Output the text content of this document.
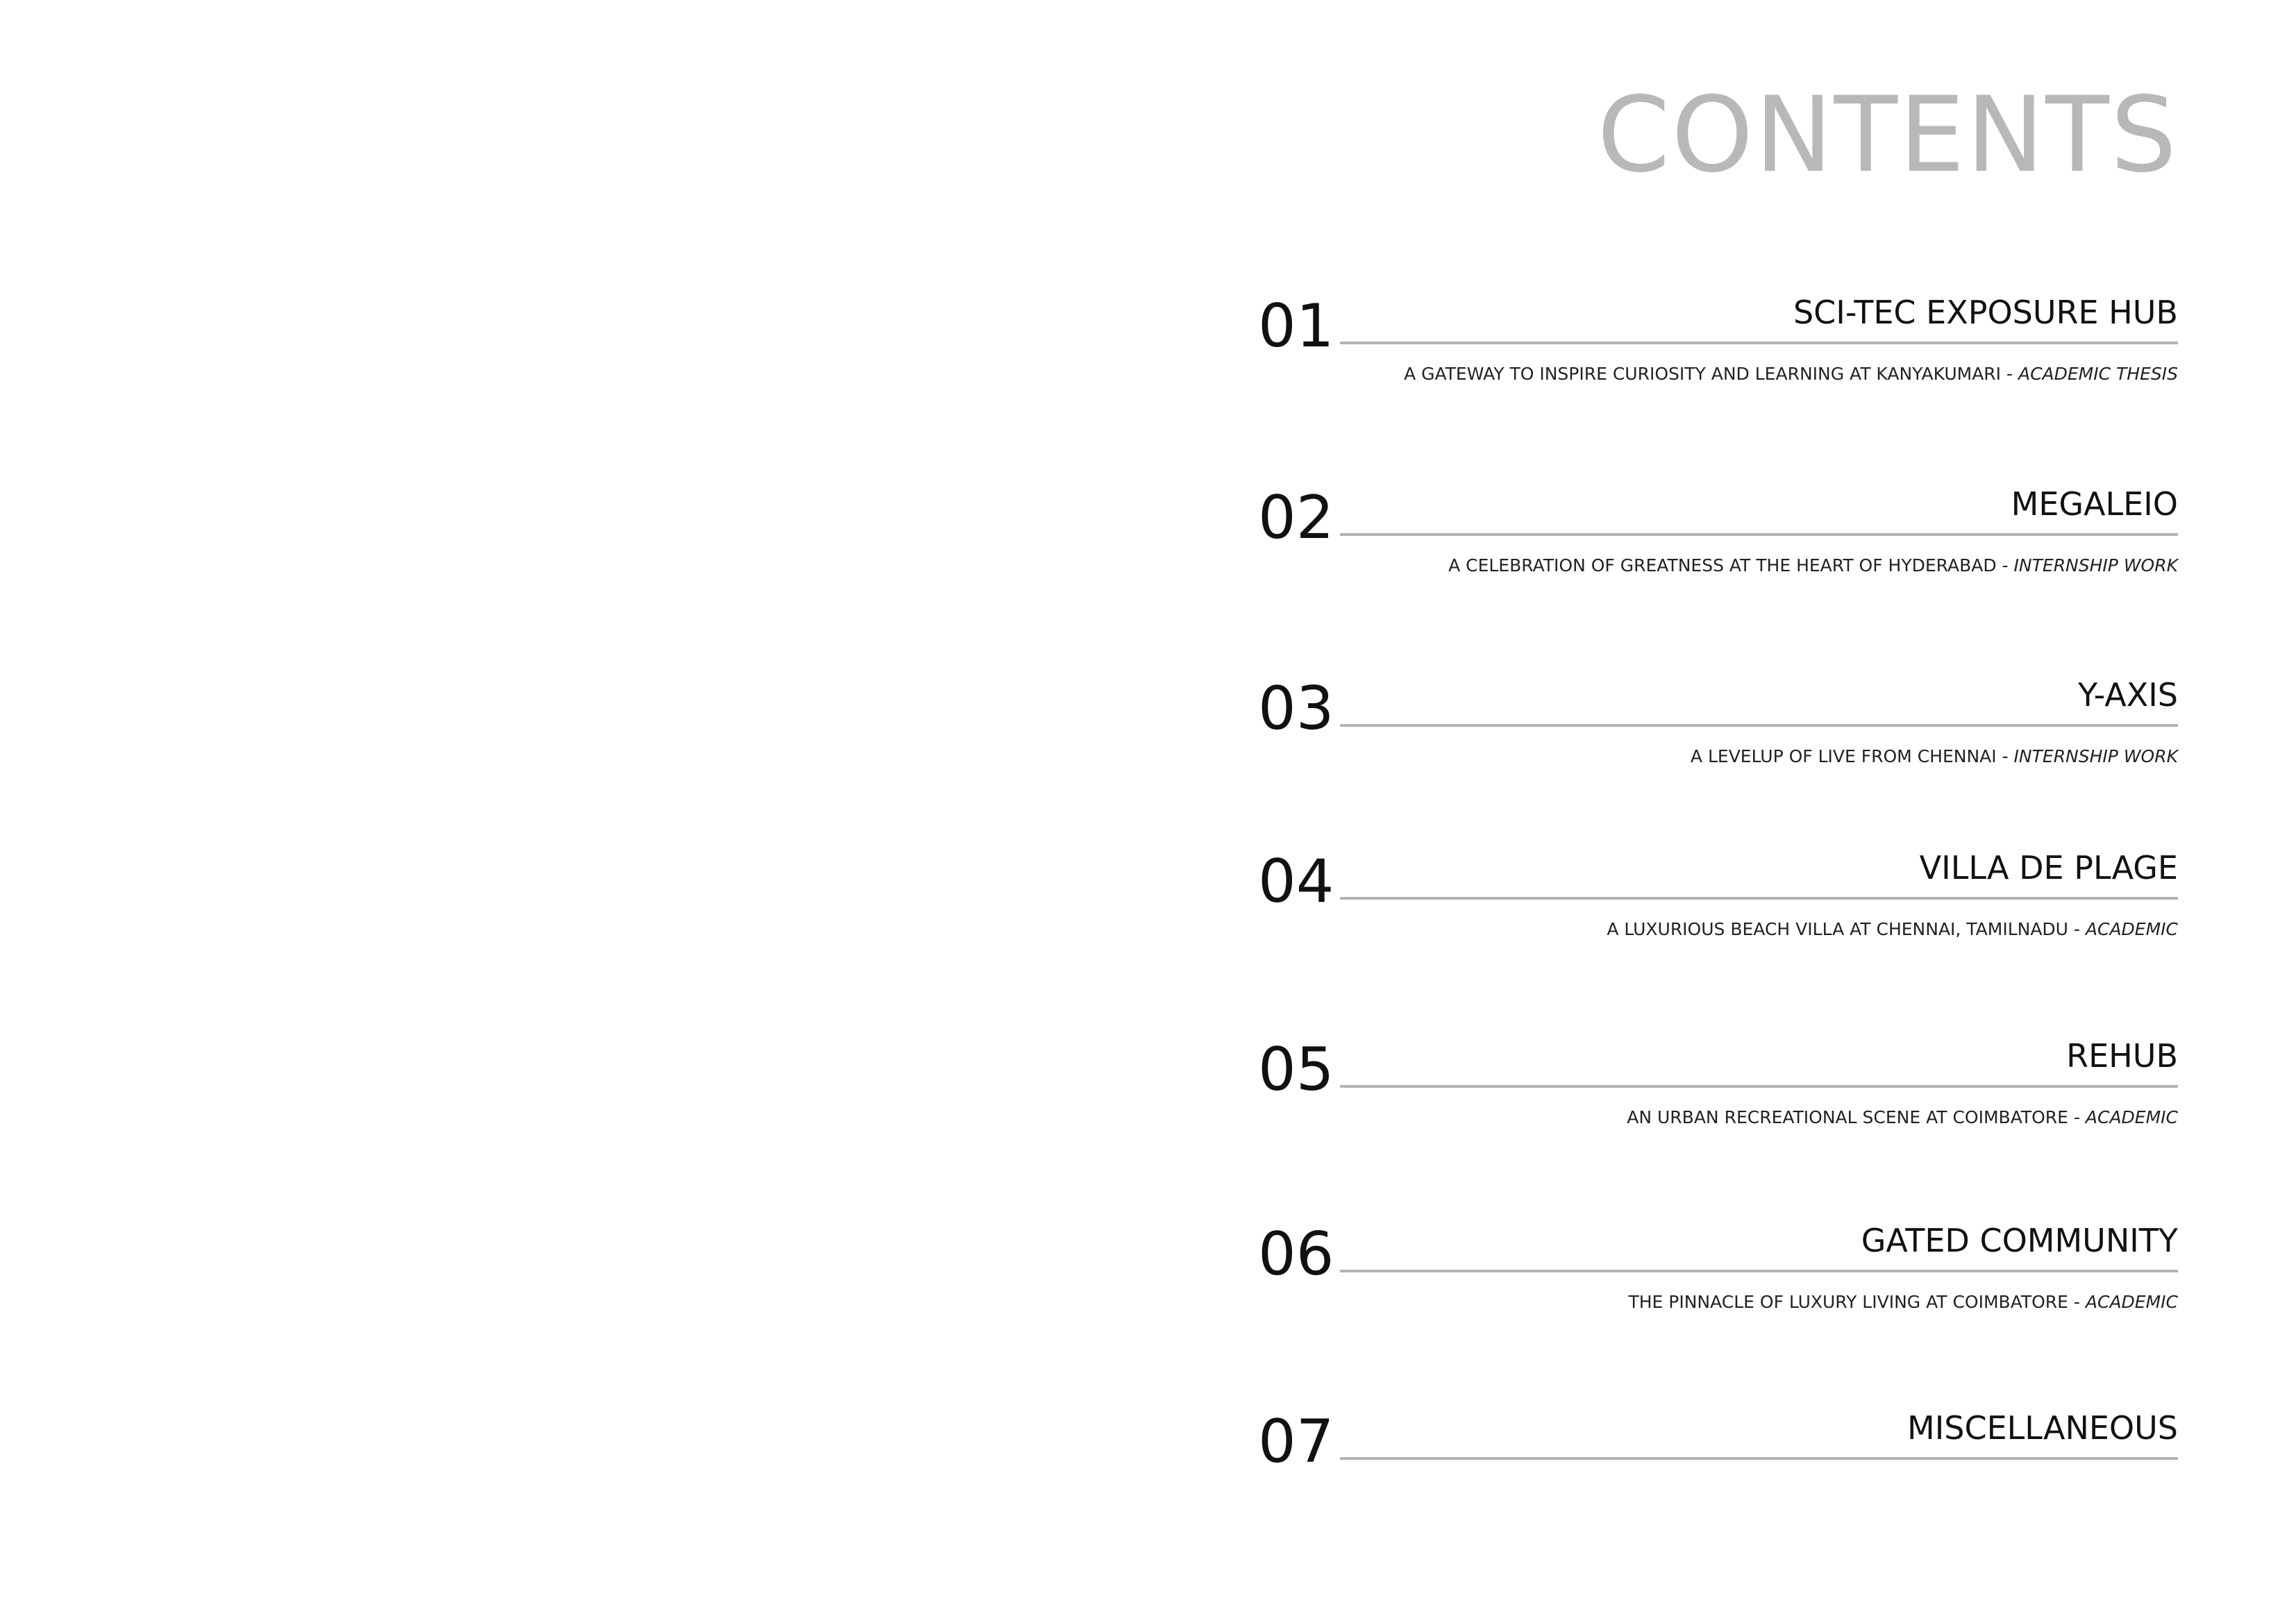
CONTENTS
01	SCI-TEC EXPOSURE HUB
A GATEWAY TO INSPIRE CURIOSITY AND LEARNING AT KANYAKUMARI - ACADEMIC THESIS
02	MEGALEIO
A CELEBRATION OF GREATNESS AT THE HEART OF HYDERABAD - INTERNSHIP WORK
03	Y-AXIS
A LEVELUP OF LIVE FROM CHENNAI - INTERNSHIP WORK
04	VILLA DE PLAGE
A LUXURIOUS BEACH VILLA AT CHENNAI, TAMILNADU - ACADEMIC
05	REHUB
AN URBAN RECREATIONAL SCENE AT COIMBATORE - ACADEMIC
06	GATED COMMUNITY
THE PINNACLE OF LUXURY LIVING AT COIMBATORE - ACADEMIC
07	MISCELLANEOUS
